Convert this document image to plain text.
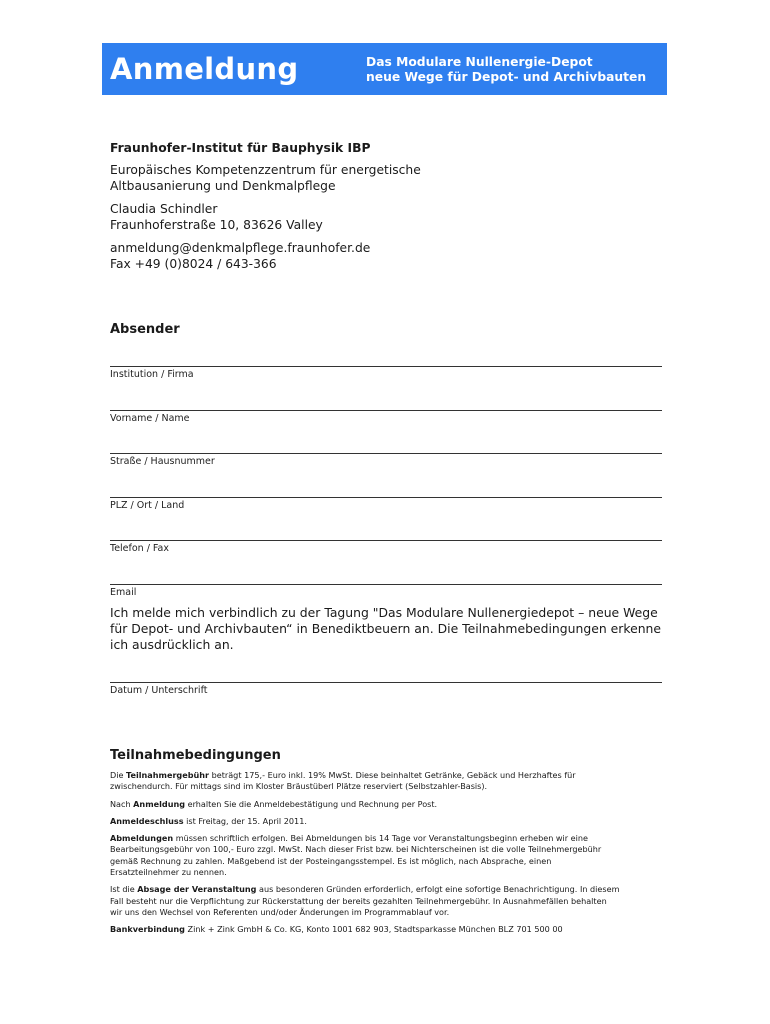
Anmeldung	Das Modulare Nullenergie-Depot
neue Wege für Depot- und Archivbauten
Fraunhofer-Institut für Bauphysik IBP

Europäisches Kompetenzzentrum für energetische
Altbausanierung und Denkmalpflege

Claudia Schindler
Fraunhoferstraße 10, 83626 Valley

anmeldung@denkmalpflege.fraunhofer.de
Fax +49 (0)8024 / 643-366

Absender
Institution / Firma
Vorname / Name
Straße / Hausnummer
PLZ / Ort / Land
Telefon / Fax
Email
Ich melde mich verbindlich zu der Tagung "Das Modulare Nullenergiedepot – neue Wege
für Depot- und Archivbauten“ in Benediktbeuern an. Die Teilnahmebedingungen erkenne
ich ausdrücklich an.
Datum / Unterschrift
Teilnahmebedingungen

Die Teilnahmergebühr beträgt 175,- Euro inkl. 19% MwSt. Diese beinhaltet Getränke, Gebäck und Herzhaftes für
zwischendurch. Für mittags sind im Kloster Bräustüberl Plätze reserviert (Selbstzahler-Basis).

Nach Anmeldung erhalten Sie die Anmeldebestätigung und Rechnung per Post.

Anmeldeschluss ist Freitag, der 15. April 2011.

Abmeldungen müssen schriftlich erfolgen. Bei Abmeldungen bis 14 Tage vor Veranstaltungsbeginn erheben wir eine
Bearbeitungsgebühr von 100,- Euro zzgl. MwSt. Nach dieser Frist bzw. bei Nichterscheinen ist die volle Teilnehmergebühr
gemäß Rechnung zu zahlen. Maßgebend ist der Posteingangsstempel. Es ist möglich, nach Absprache, einen
Ersatzteilnehmer zu nennen.

Ist die Absage der Veranstaltung aus besonderen Gründen erforderlich, erfolgt eine sofortige Benachrichtigung. In diesem
Fall besteht nur die Verpflichtung zur Rückerstattung der bereits gezahlten Teilnehmergebühr. In Ausnahmefällen behalten
wir uns den Wechsel von Referenten und/oder Änderungen im Programmablauf vor.

Bankverbindung Zink + Zink GmbH & Co. KG, Konto 1001 682 903, Stadtsparkasse München BLZ 701 500 00
